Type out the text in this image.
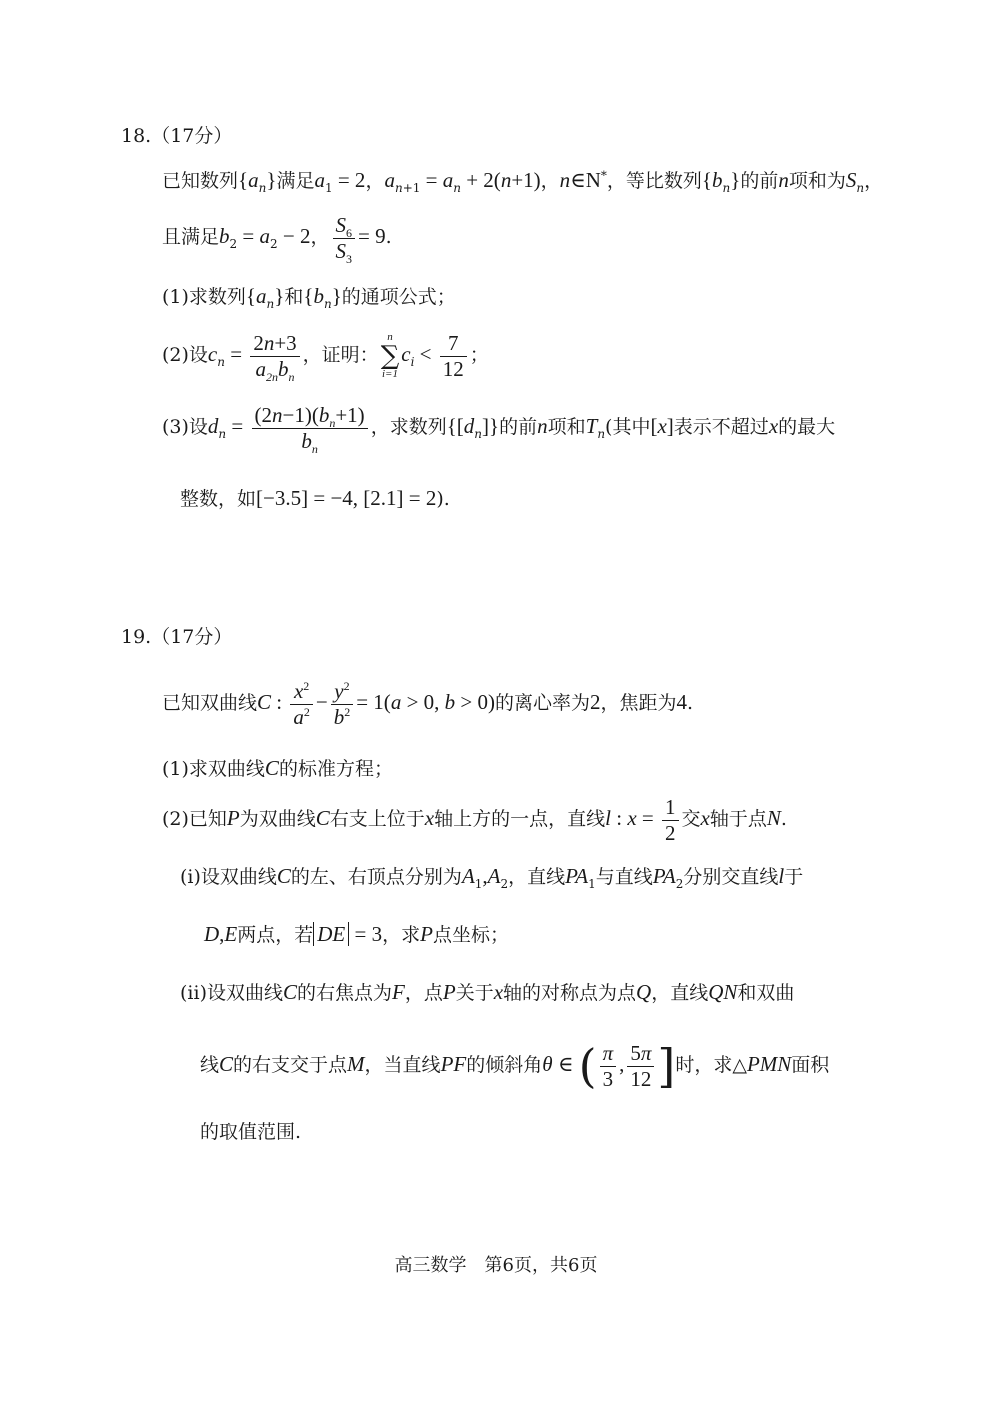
18.（17分）
已知数列$\{a_n\}$满足$a_1 = 2$，$a_{n+1} = a_n + 2(n+1)$，n∈N*，等比数列$\{b_n\}$的前n项和为$S_n$，
且满足$b_2 = a_2 - 2$， $\frac{S_6}{S_3} = 9$.
(1)求数列$\{a_n\}$和$\{b_n\}$的通项公式；
(2)设$c_n = \frac{2n+3}{a_{2n}b_n}$ ，证明：
n
∑
i=1
$c_i < \frac{7}{12}$ ；
(3)设$d_n = \frac{(2n-1)(b_n+1)}{b_n}$ ，求数列$\{[d_n]\}$的前n项和$T_n$(其中[x]表示不超过x的最大
整数，如[−3.5] = −4, [2.1] = 2).
19.（17分）
已知双曲线C : $\frac{x^2}{a^2} - \frac{y^2}{b^2} = 1(a > 0$, b > 0)的离心率为2，焦距为4.
(1)求双曲线C的标准方程；
(2)已知P为双曲线C右支上位于x轴上方的一点，直线l : $x = \frac{1}{2}$ 交x轴于点N.
(i)设双曲线C的左、右顶点分别为$A_1,A_2$，直线$PA_1$与直线$PA_2$分别交直线l于
D,E两点，若 DE = 3，求P点坐标；
(ii)设双曲线C的右焦点为F，点P关于x轴的对称点为点Q，直线QN和双曲
线C的右支交于点M，当直线PF的倾斜角θ ∈ ( $\frac{\pi}{3}$ , $\frac{5\pi}{12}$ ]时，求△PMN面积
的取值范围.
高三数学　第6页，共6页
